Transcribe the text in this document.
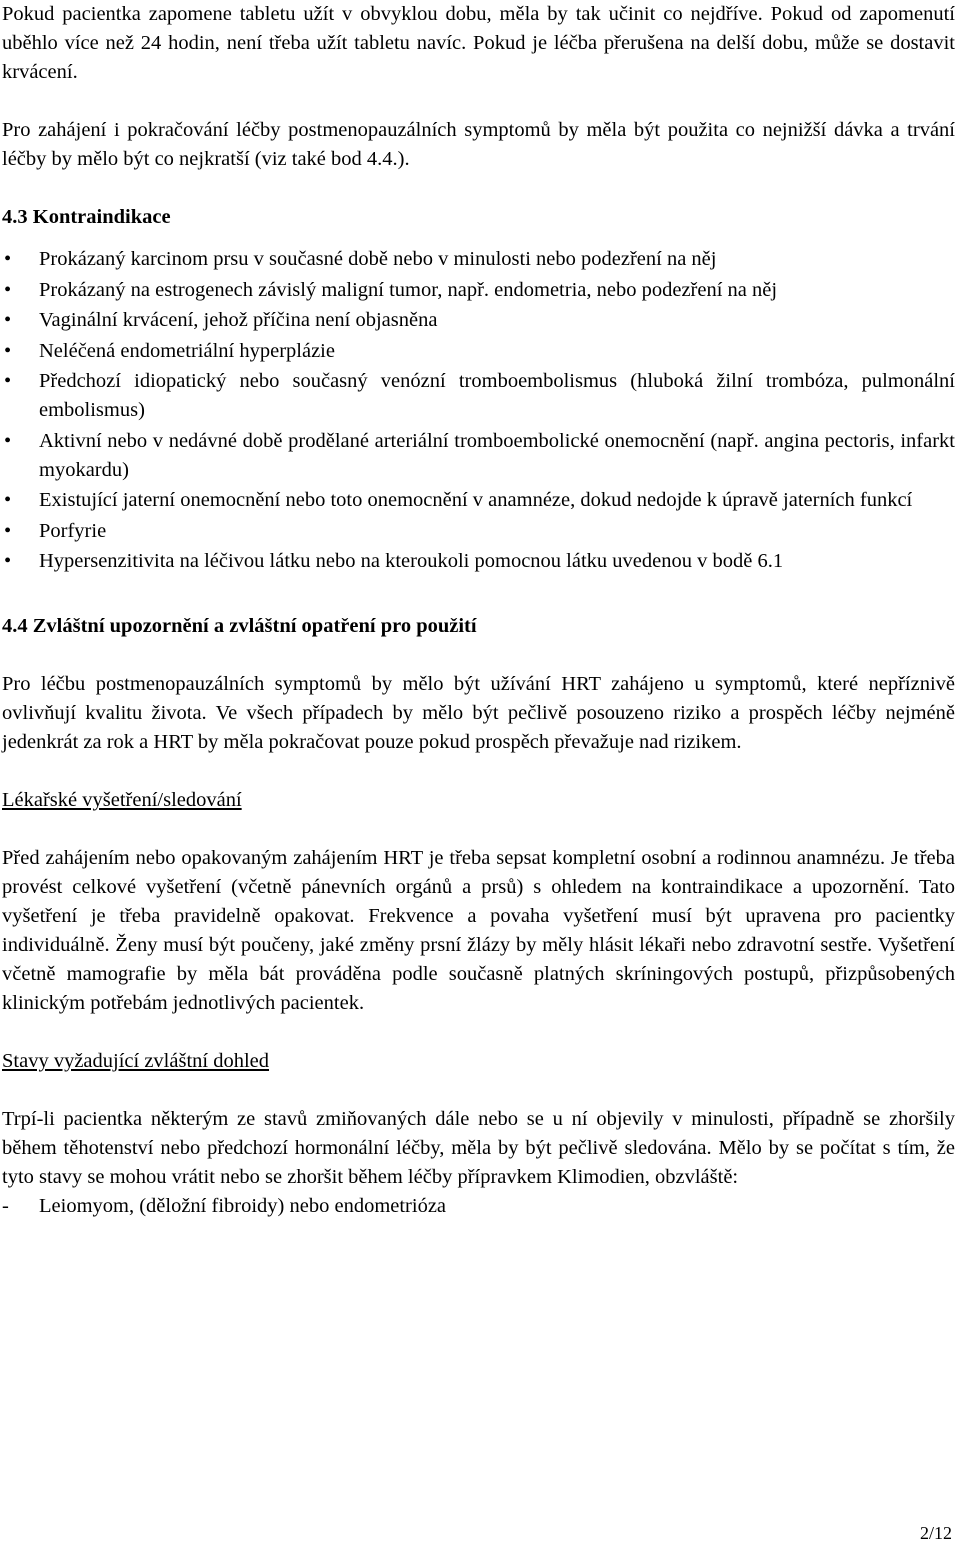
Pokud pacientka zapomene tabletu užít v obvyklou dobu, měla by tak učinit co nejdříve. Pokud od zapomenutí uběhlo více než 24 hodin, není třeba užít tabletu navíc. Pokud je léčba přerušena na delší dobu, může se dostavit krvácení.

Pro zahájení i pokračování léčby postmenopauzálních symptomů by měla být použita co nejnižší dávka a trvání léčby by mělo být co nejkratší (viz také bod 4.4.).

4.3 Kontraindikace
• Prokázaný karcinom prsu v současné době nebo v minulosti nebo podezření na něj
• Prokázaný na estrogenech závislý maligní tumor, např. endometria, nebo podezření na něj
• Vaginální krvácení, jehož příčina není objasněna
• Neléčená endometriální hyperplázie
• Předchozí idiopatický nebo současný venózní tromboembolismus (hluboká žilní trombóza, pulmonální embolismus)
• Aktivní nebo v nedávné době prodělané arteriální tromboembolické onemocnění (např. angina pectoris, infarkt myokardu)
• Existující jaterní onemocnění nebo toto onemocnění v anamnéze, dokud nedojde k úpravě jaterních funkcí
• Porfyrie
• Hypersenzitivita na léčivou látku nebo na kteroukoli pomocnou látku uvedenou v bodě 6.1
4.4 Zvláštní upozornění a zvláštní opatření pro použití

Pro léčbu postmenopauzálních symptomů by mělo být užívání HRT zahájeno u symptomů, které nepříznivě ovlivňují kvalitu života. Ve všech případech by mělo být pečlivě posouzeno riziko a prospěch léčby nejméně jedenkrát za rok a HRT by měla pokračovat pouze pokud prospěch převažuje nad rizikem.

Lékařské vyšetření/sledování

Před zahájením nebo opakovaným zahájením HRT je třeba sepsat kompletní osobní a rodinnou anamnézu. Je třeba provést celkové vyšetření (včetně pánevních orgánů a prsů) s ohledem na kontraindikace a upozornění. Tato vyšetření je třeba pravidelně opakovat. Frekvence a povaha vyšetření musí být upravena pro pacientky individuálně. Ženy musí být poučeny, jaké změny prsní žlázy by měly hlásit lékaři nebo zdravotní sestře. Vyšetření včetně mamografie by měla bát prováděna podle současně platných skríningových postupů, přizpůsobených klinickým potřebám jednotlivých pacientek.

Stavy vyžadující zvláštní dohled

Trpí-li pacientka některým ze stavů zmiňovaných dále nebo se u ní objevily v minulosti, případně se zhoršily během těhotenství nebo předchozí hormonální léčby, měla by být pečlivě sledována. Mělo by se počítat s tím, že tyto stavy se mohou vrátit nebo se zhoršit během léčby přípravkem Klimodien, obzvláště:

- Leiomyom, (děložní fibroidy) nebo endometrióza
2/12
